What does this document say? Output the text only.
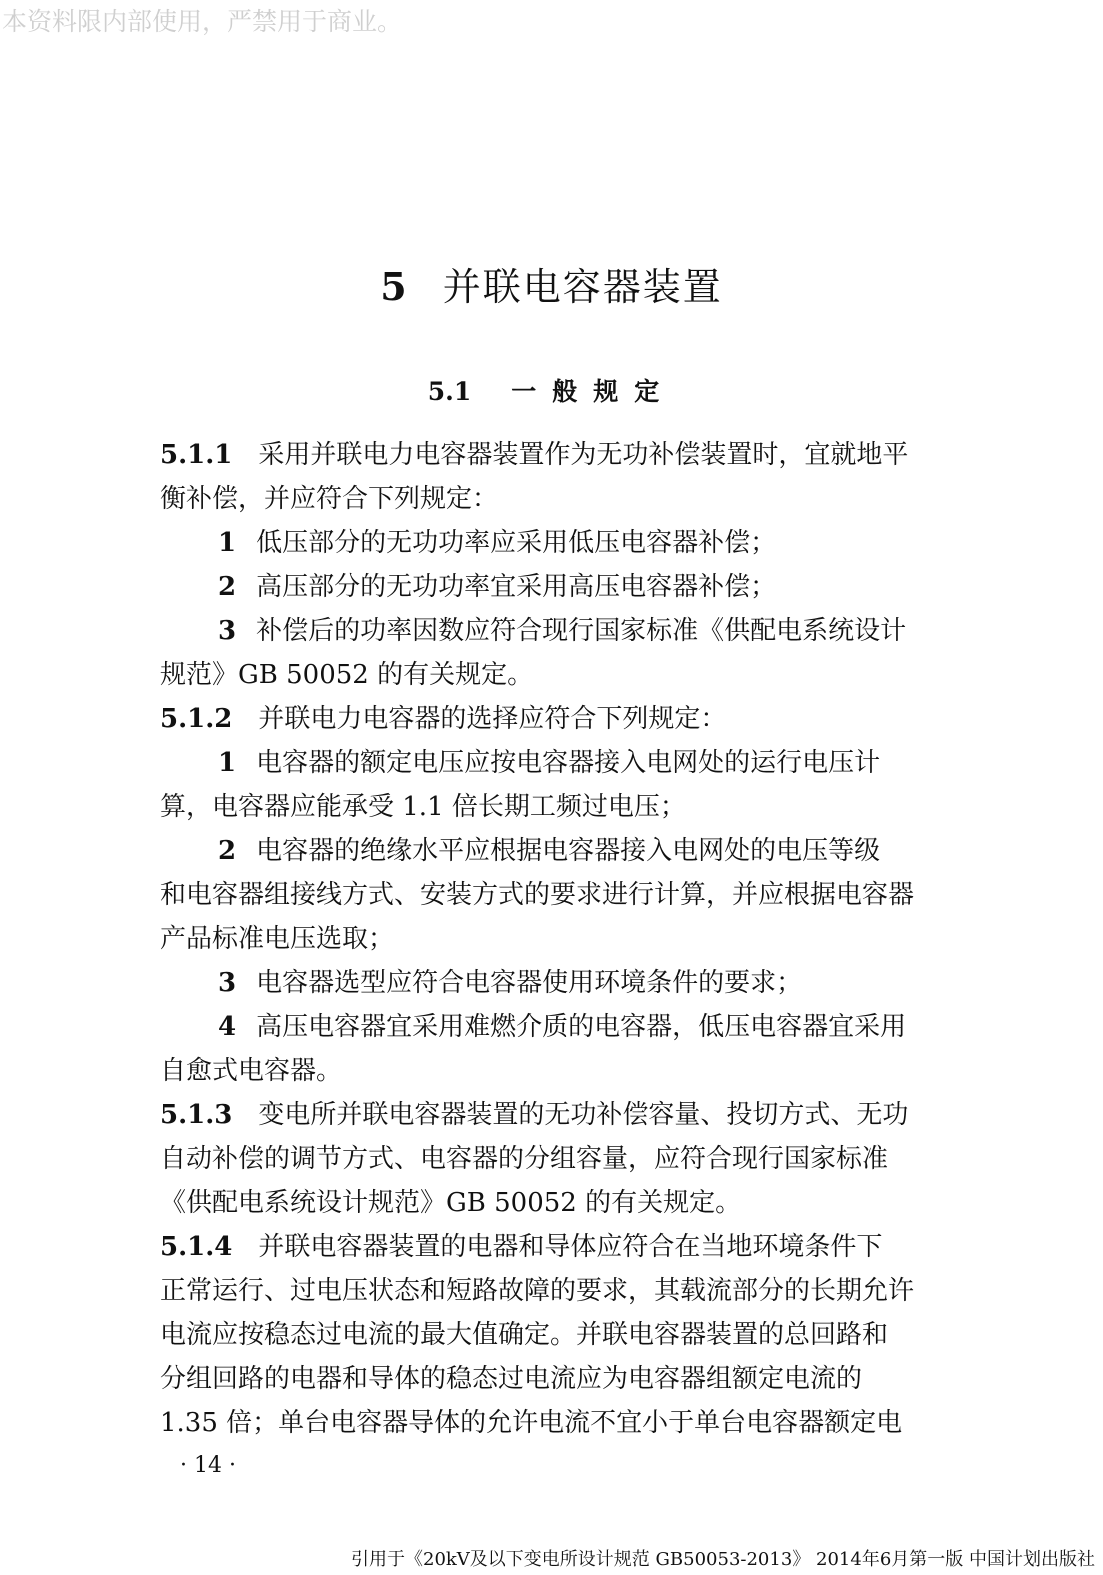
本资料限内部使用，严禁用于商业。
5 并联电容器装置
5.1 一般规定
5.1.1 采用并联电力电容器装置作为无功补偿装置时，宜就地平
衡补偿，并应符合下列规定：
1 低压部分的无功功率应采用低压电容器补偿；
2 高压部分的无功功率宜采用高压电容器补偿；
3 补偿后的功率因数应符合现行国家标准《供配电系统设计
规范》GB 50052 的有关规定。
5.1.2 并联电力电容器的选择应符合下列规定：
1 电容器的额定电压应按电容器接入电网处的运行电压计
算，电容器应能承受 1.1 倍长期工频过电压；
2 电容器的绝缘水平应根据电容器接入电网处的电压等级
和电容器组接线方式、安装方式的要求进行计算，并应根据电容器
产品标准电压选取；
3 电容器选型应符合电容器使用环境条件的要求；
4 高压电容器宜采用难燃介质的电容器，低压电容器宜采用
自愈式电容器。
5.1.3 变电所并联电容器装置的无功补偿容量、投切方式、无功
自动补偿的调节方式、电容器的分组容量，应符合现行国家标准
《供配电系统设计规范》GB 50052 的有关规定。
5.1.4 并联电容器装置的电器和导体应符合在当地环境条件下
正常运行、过电压状态和短路故障的要求，其载流部分的长期允许
电流应按稳态过电流的最大值确定。并联电容器装置的总回路和
分组回路的电器和导体的稳态过电流应为电容器组额定电流的
1.35 倍；单台电容器导体的允许电流不宜小于单台电容器额定电
· 14 ·
引用于《20kV及以下变电所设计规范 GB50053-2013》 2014年6月第一版 中国计划出版社
